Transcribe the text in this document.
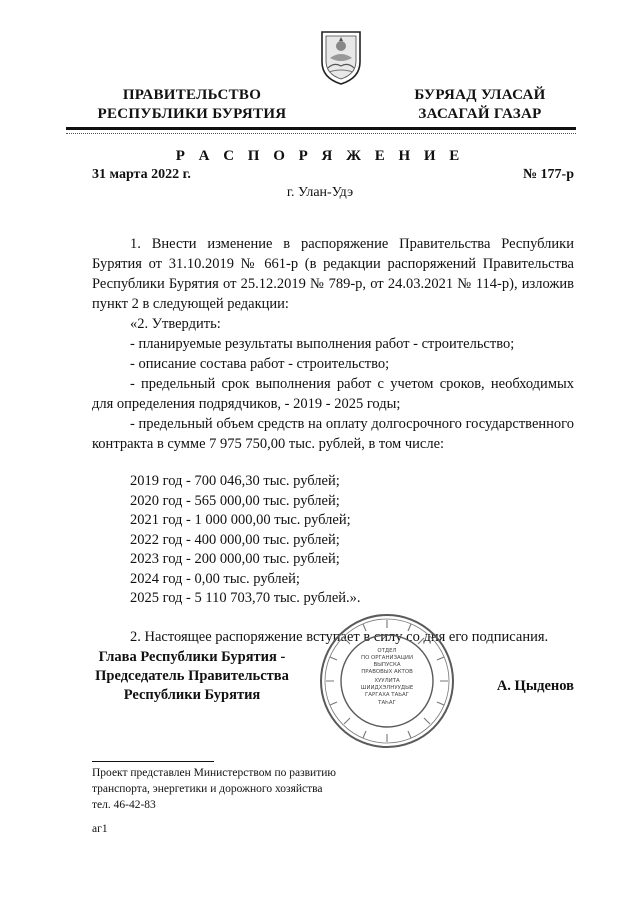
ПРАВИТЕЛЬСТВО
РЕСПУБЛИКИ БУРЯТИЯ
БУРЯАД УЛАСАЙ
ЗАСАГАЙ ГАЗАР
Р А С П О Р Я Ж Е Н И Е
31 марта 2022 г.	№ 177-р
г. Улан-Удэ

1. Внести изменение в распоряжение Правительства Республики Бурятия от 31.10.2019 № 661-р (в редакции распоряжений Правительства Республики Бурятия от 25.12.2019 № 789-р, от 24.03.2021 № 114-р), изложив пункт 2 в следующей редакции:

«2. Утвердить:

- планируемые результаты выполнения работ - строительство;

- описание состава работ - строительство;

- предельный срок выполнения работ с учетом сроков, необходимых для определения подрядчиков, - 2019 - 2025 годы;

- предельный объем средств на оплату долгосрочного государственного контракта в сумме 7 975 750,00 тыс. рублей, в том числе:

2019 год - 700 046,30 тыс. рублей;
2020 год - 565 000,00 тыс. рублей;
2021 год - 1 000 000,00 тыс. рублей;
2022 год - 400 000,00 тыс. рублей;
2023 год - 200 000,00 тыс. рублей;
2024 год - 0,00 тыс. рублей;
2025 год - 5 110 703,70 тыс. рублей.».

2. Настоящее распоряжение вступает в силу со дня его подписания.

Глава Республики Бурятия -
Председатель Правительства
Республики Бурятия
ОТДЕЛ
ПО ОРГАНИЗАЦИИ
ВЫПУСКА
ПРАВОВЫХ АКТОВ
ХУУЛИТА
ШИИДХЭЛНУУДЫЕ
ГАРГАХА ТАЬАГ
ТАҺАГ
А. Цыденов
Проект представлен Министерством по развитию
транспорта, энергетики и дорожного хозяйства
тел. 46-42-83
аг1
